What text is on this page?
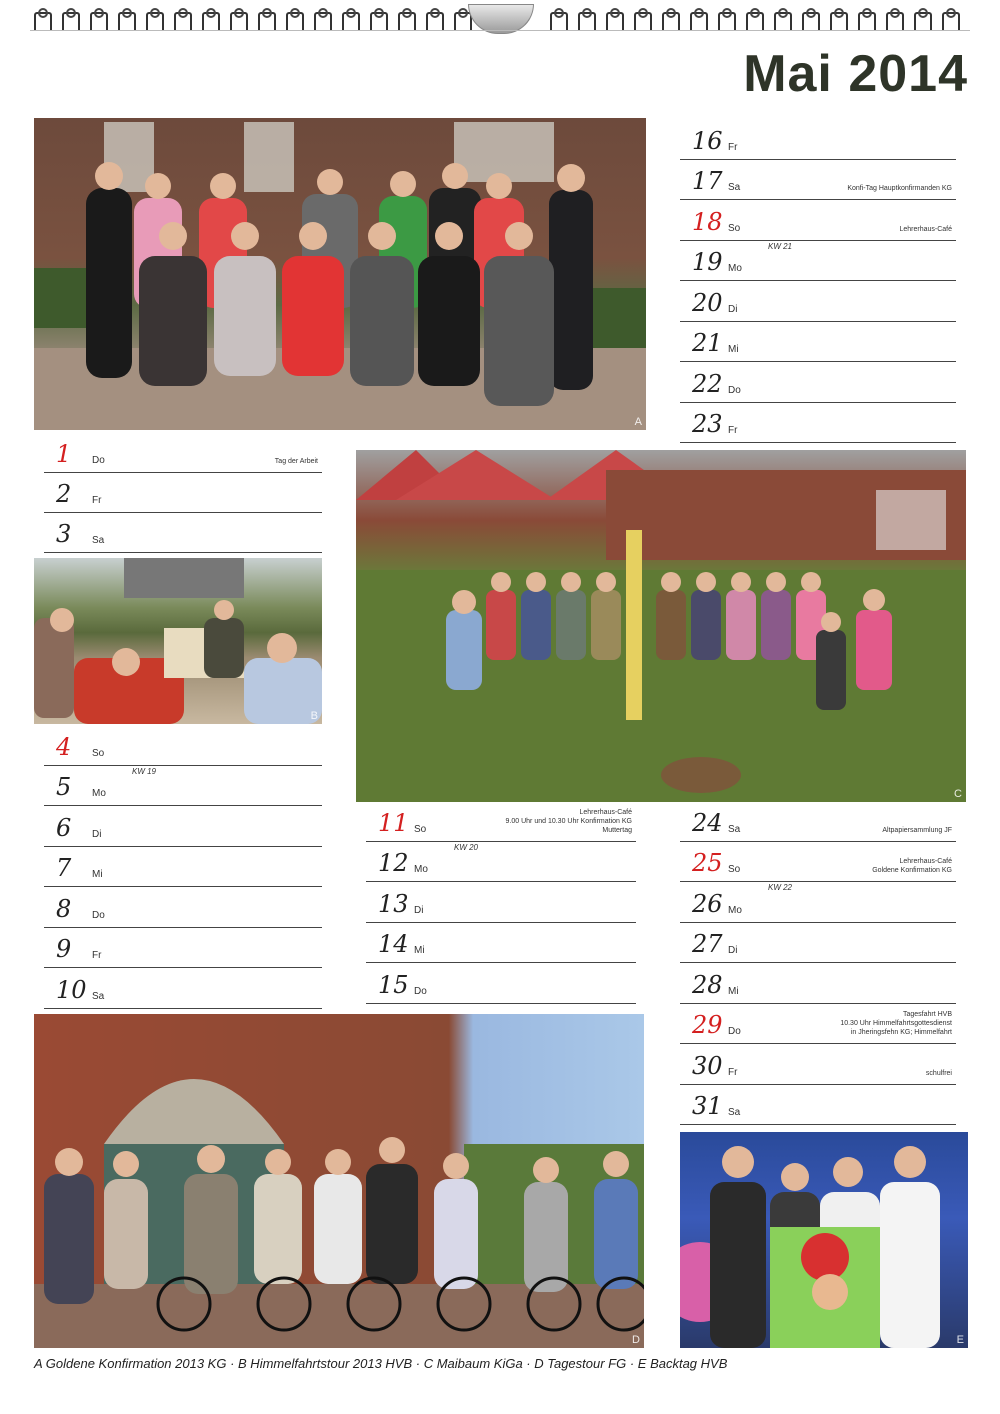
Mai 2014
A
16 Fr
17 Sa	Konfi-Tag Hauptkonfirmanden KG
18 So	Lehrerhaus-Café
19 Mo
KW 21
20 Di
21 Mi
22 Do
23 Fr
1 Do	Tag der Arbeit
2 Fr
3 Sa
B
C
4 So
5 Mo
KW 19
6 Di
7 Mi
8 Do
9 Fr
10 Sa
11 So
Lehrerhaus-Café
9.00 Uhr und 10.30 Uhr Konfirmation KG
Muttertag
12 Mo
KW 20
13 Di
14 Mi
15 Do
24 Sa	Altpapiersammlung JF
25 So
Lehrerhaus-Café
Goldene Konfirmation KG
26 Mo
KW 22
27 Di
28 Mi
29 Do
Tagesfahrt HVB
10.30 Uhr Himmelfahrtsgottesdienst
in Jheringsfehn KG; Himmelfahrt
30 Fr	schulfrei
31 Sa
D	E
A Goldene Konfirmation 2013 KG · B Himmelfahrtstour 2013 HVB · C Maibaum KiGa · D Tagestour FG · E Backtag HVB
